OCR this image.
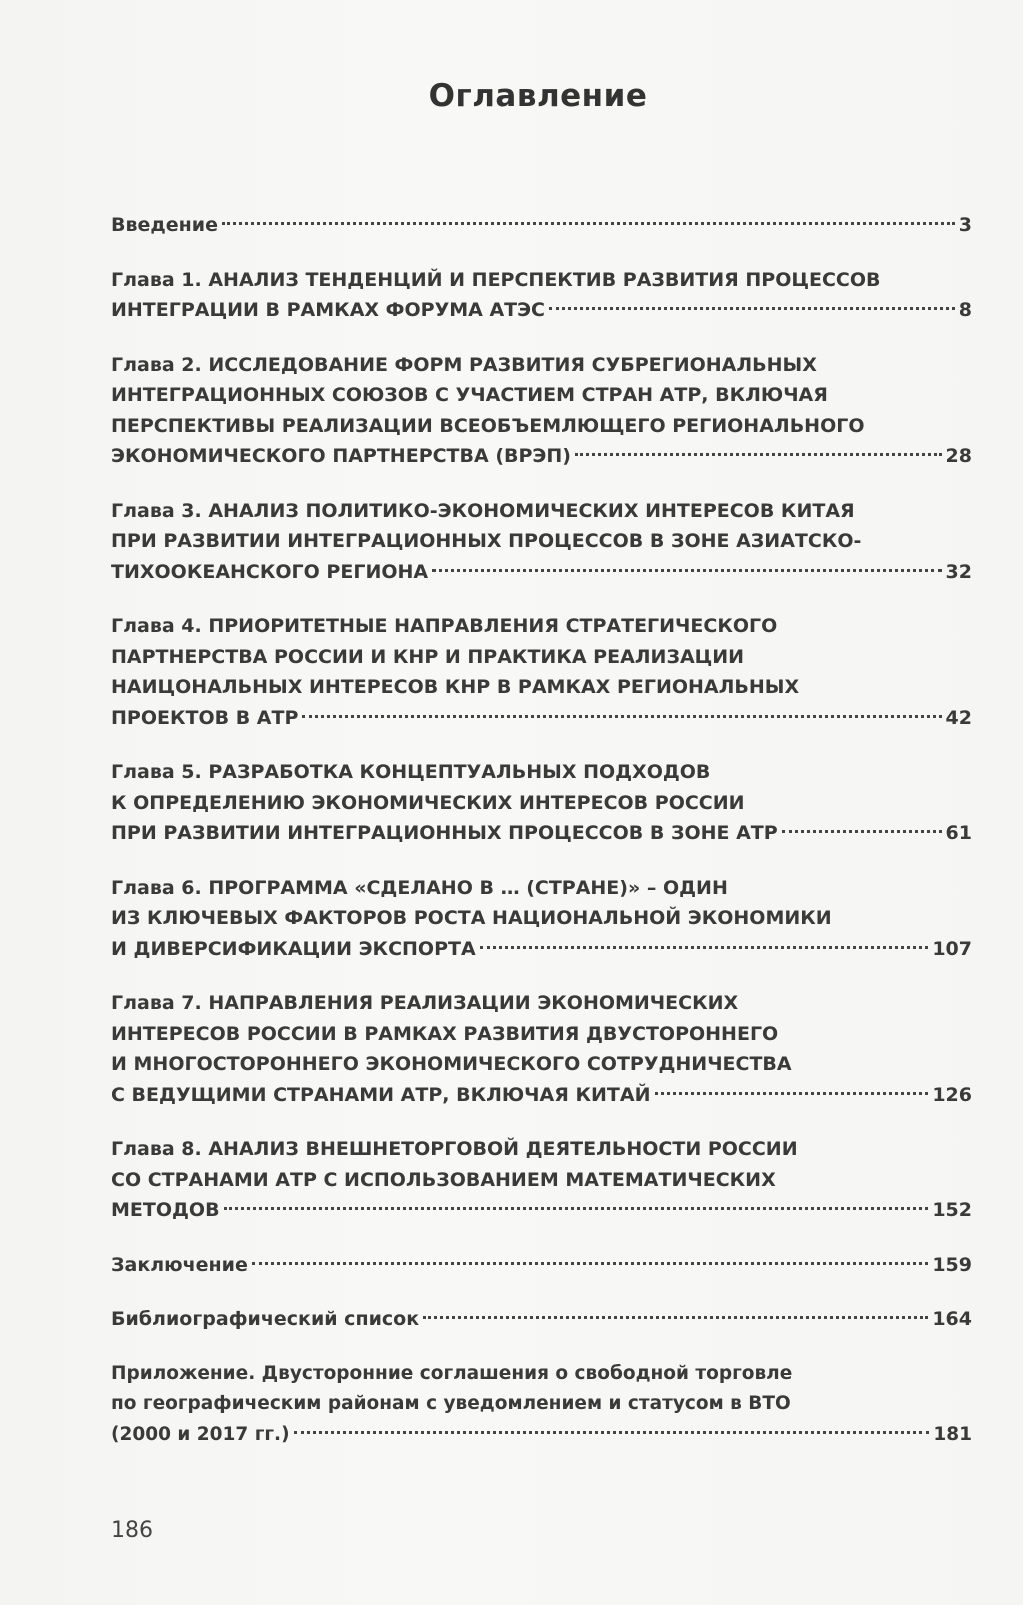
Оглавление
Введение	3
Глава 1. АНАЛИЗ ТЕНДЕНЦИЙ И ПЕРСПЕКТИВ РАЗВИТИЯ ПРОЦЕССОВ
ИНТЕГРАЦИИ В РАМКАХ ФОРУМА АТЭС	8
Глава 2. ИССЛЕДОВАНИЕ ФОРМ РАЗВИТИЯ СУБРЕГИОНАЛЬНЫХ
ИНТЕГРАЦИОННЫХ СОЮЗОВ С УЧАСТИЕМ СТРАН АТР, ВКЛЮЧАЯ
ПЕРСПЕКТИВЫ РЕАЛИЗАЦИИ ВСЕОБЪЕМЛЮЩЕГО РЕГИОНАЛЬНОГО
ЭКОНОМИЧЕСКОГО ПАРТНЕРСТВА (ВРЭП)	28
Глава 3. АНАЛИЗ ПОЛИТИКО-ЭКОНОМИЧЕСКИХ ИНТЕРЕСОВ КИТАЯ
ПРИ РАЗВИТИИ ИНТЕГРАЦИОННЫХ ПРОЦЕССОВ В ЗОНЕ АЗИАТСКО-
ТИХООКЕАНСКОГО РЕГИОНА	32
Глава 4. ПРИОРИТЕТНЫЕ НАПРАВЛЕНИЯ СТРАТЕГИЧЕСКОГО
ПАРТНЕРСТВА РОССИИ И КНР И ПРАКТИКА РЕАЛИЗАЦИИ
НАИЦОНАЛЬНЫХ ИНТЕРЕСОВ КНР В РАМКАХ РЕГИОНАЛЬНЫХ
ПРОЕКТОВ В АТР	42
Глава 5. РАЗРАБОТКА КОНЦЕПТУАЛЬНЫХ ПОДХОДОВ
К ОПРЕДЕЛЕНИЮ ЭКОНОМИЧЕСКИХ ИНТЕРЕСОВ РОССИИ
ПРИ РАЗВИТИИ ИНТЕГРАЦИОННЫХ ПРОЦЕССОВ В ЗОНЕ АТР	61
Глава 6. ПРОГРАММА «СДЕЛАНО В … (СТРАНЕ)» – ОДИН
ИЗ КЛЮЧЕВЫХ ФАКТОРОВ РОСТА НАЦИОНАЛЬНОЙ ЭКОНОМИКИ
И ДИВЕРСИФИКАЦИИ ЭКСПОРТА	107
Глава 7. НАПРАВЛЕНИЯ РЕАЛИЗАЦИИ ЭКОНОМИЧЕСКИХ
ИНТЕРЕСОВ РОССИИ В РАМКАХ РАЗВИТИЯ ДВУСТОРОННЕГО
И МНОГОСТОРОННЕГО ЭКОНОМИЧЕСКОГО СОТРУДНИЧЕСТВА
С ВЕДУЩИМИ СТРАНАМИ АТР, ВКЛЮЧАЯ КИТАЙ	126
Глава 8. АНАЛИЗ ВНЕШНЕТОРГОВОЙ ДЕЯТЕЛЬНОСТИ РОССИИ
СО СТРАНАМИ АТР С ИСПОЛЬЗОВАНИЕМ МАТЕМАТИЧЕСКИХ
МЕТОДОВ	152
Заключение	159
Библиографический список	164
Приложение. Двусторонние соглашения о свободной торговле
по географическим районам с уведомлением и статусом в ВТО
(2000 и 2017 гг.)	181
186
